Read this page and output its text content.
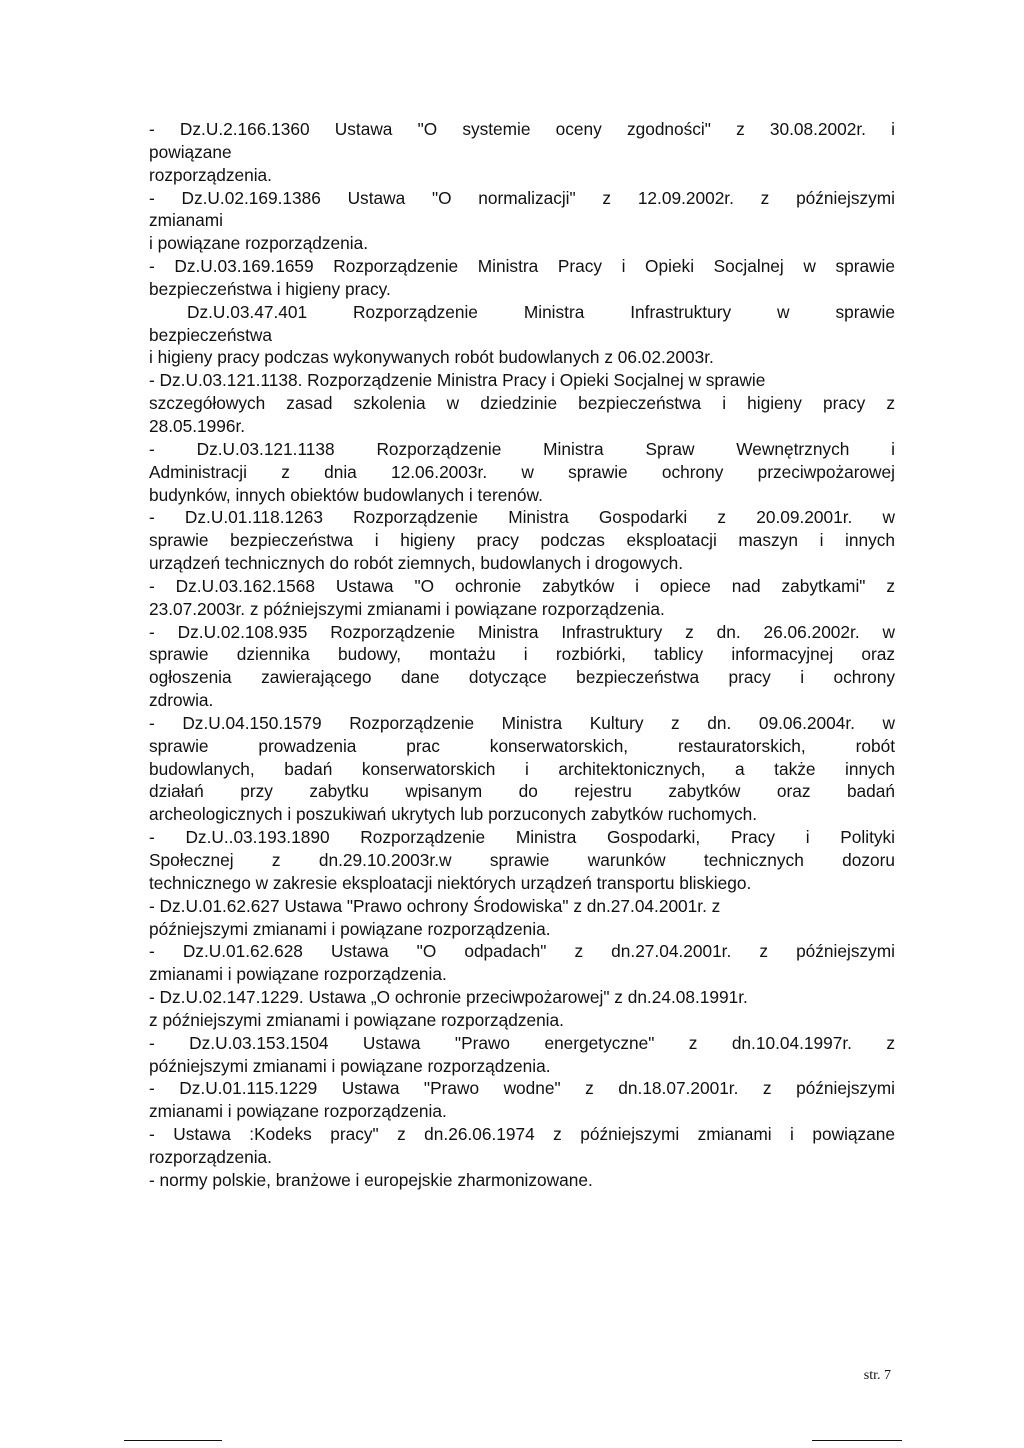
- Dz.U.2.166.1360 Ustawa "O systemie oceny zgodności" z 30.08.2002r. i
powiązane
rozporządzenia.
- Dz.U.02.169.1386 Ustawa "O normalizacji" z 12.09.2002r. z późniejszymi
zmianami
i powiązane rozporządzenia.
- Dz.U.03.169.1659 Rozporządzenie Ministra Pracy i Opieki Socjalnej w sprawie
bezpieczeństwa i higieny pracy.
Dz.U.03.47.401 Rozporządzenie Ministra Infrastruktury w sprawie
bezpieczeństwa
i higieny pracy podczas wykonywanych robót budowlanych z 06.02.2003r.
- Dz.U.03.121.1138. Rozporządzenie Ministra Pracy i Opieki Socjalnej w sprawie
szczegółowych zasad szkolenia w dziedzinie bezpieczeństwa i higieny pracy z
28.05.1996r.
- Dz.U.03.121.1138 Rozporządzenie Ministra Spraw Wewnętrznych i
Administracji z dnia 12.06.2003r. w sprawie ochrony przeciwpożarowej
budynków, innych obiektów budowlanych i terenów.
- Dz.U.01.118.1263 Rozporządzenie Ministra Gospodarki z 20.09.2001r. w
sprawie bezpieczeństwa i higieny pracy podczas eksploatacji maszyn i innych
urządzeń technicznych do robót ziemnych, budowlanych i drogowych.
- Dz.U.03.162.1568 Ustawa "O ochronie zabytków i opiece nad zabytkami" z
23.07.2003r. z późniejszymi zmianami i powiązane rozporządzenia.
- Dz.U.02.108.935 Rozporządzenie Ministra Infrastruktury z dn. 26.06.2002r. w
sprawie dziennika budowy, montażu i rozbiórki, tablicy informacyjnej oraz
ogłoszenia zawierającego dane dotyczące bezpieczeństwa pracy i ochrony
zdrowia.
- Dz.U.04.150.1579 Rozporządzenie Ministra Kultury z dn. 09.06.2004r. w
sprawie prowadzenia prac konserwatorskich, restauratorskich, robót
budowlanych, badań konserwatorskich i architektonicznych, a także innych
działań przy zabytku wpisanym do rejestru zabytków oraz badań
archeologicznych i poszukiwań ukrytych lub porzuconych zabytków ruchomych.
- Dz.U..03.193.1890 Rozporządzenie Ministra Gospodarki, Pracy i Polityki
Społecznej z dn.29.10.2003r.w sprawie warunków technicznych dozoru
technicznego w zakresie eksploatacji niektórych urządzeń transportu bliskiego.
- Dz.U.01.62.627 Ustawa "Prawo ochrony Środowiska" z dn.27.04.2001r. z
późniejszymi zmianami i powiązane rozporządzenia.
- Dz.U.01.62.628 Ustawa "O odpadach" z dn.27.04.2001r. z późniejszymi
zmianami i powiązane rozporządzenia.
- Dz.U.02.147.1229. Ustawa „O ochronie przeciwpożarowej" z dn.24.08.1991r.
z późniejszymi zmianami i powiązane rozporządzenia.
- Dz.U.03.153.1504 Ustawa "Prawo energetyczne" z dn.10.04.1997r. z
późniejszymi zmianami i powiązane rozporządzenia.
- Dz.U.01.115.1229 Ustawa "Prawo wodne" z dn.18.07.2001r. z późniejszymi
zmianami i powiązane rozporządzenia.
- Ustawa :Kodeks pracy" z dn.26.06.1974 z późniejszymi zmianami i powiązane
rozporządzenia.
- normy polskie, branżowe i europejskie zharmonizowane.
str. 7
